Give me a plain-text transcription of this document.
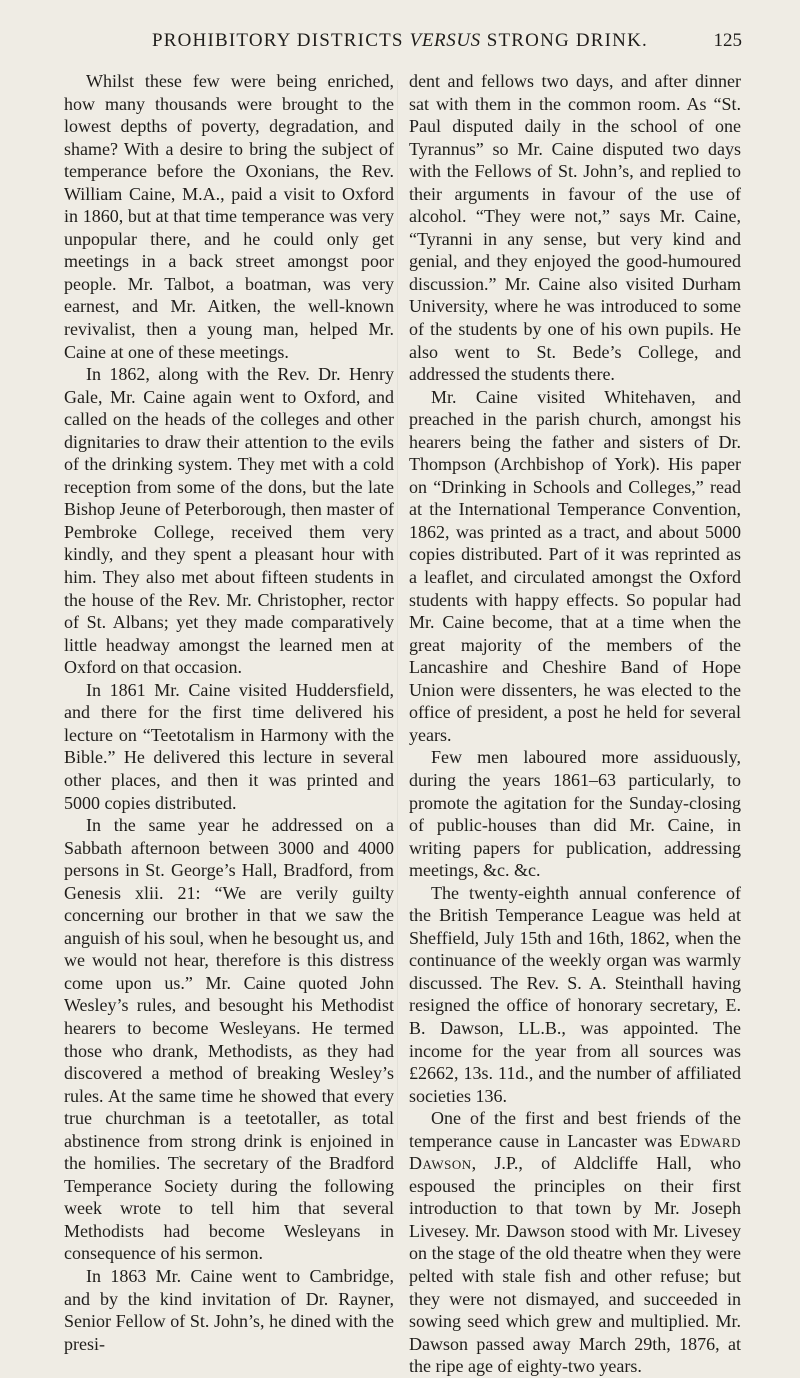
PROHIBITORY DISTRICTS VERSUS STRONG DRINK.	125

Whilst these few were being enriched, how many thousands were brought to the lowest depths of poverty, degradation, and shame? With a desire to bring the subject of temperance before the Oxonians, the Rev. William Caine, M.A., paid a visit to Oxford in 1860, but at that time temperance was very unpopular there, and he could only get meetings in a back street amongst poor people. Mr. Talbot, a boatman, was very earnest, and Mr. Aitken, the well-known revivalist, then a young man, helped Mr. Caine at one of these meetings.

In 1862, along with the Rev. Dr. Henry Gale, Mr. Caine again went to Oxford, and called on the heads of the colleges and other dignitaries to draw their attention to the evils of the drinking system. They met with a cold reception from some of the dons, but the late Bishop Jeune of Peterborough, then master of Pembroke College, received them very kindly, and they spent a pleasant hour with him. They also met about fifteen students in the house of the Rev. Mr. Christopher, rector of St. Albans; yet they made comparatively little headway amongst the learned men at Oxford on that occasion.

In 1861 Mr. Caine visited Huddersfield, and there for the first time delivered his lecture on “Teetotalism in Harmony with the Bible.” He delivered this lecture in several other places, and then it was printed and 5000 copies distributed.

In the same year he addressed on a Sabbath afternoon between 3000 and 4000 persons in St. George’s Hall, Bradford, from Genesis xlii. 21: “We are verily guilty concerning our brother in that we saw the anguish of his soul, when he besought us, and we would not hear, therefore is this distress come upon us.” Mr. Caine quoted John Wesley’s rules, and besought his Methodist hearers to become Wesleyans. He termed those who drank, Methodists, as they had discovered a method of breaking Wesley’s rules. At the same time he showed that every true churchman is a teetotaller, as total abstinence from strong drink is enjoined in the homilies. The secretary of the Bradford Temperance Society during the following week wrote to tell him that several Methodists had become Wesleyans in consequence of his sermon.

In 1863 Mr. Caine went to Cambridge, and by the kind invitation of Dr. Rayner, Senior Fellow of St. John’s, he dined with the presi-

dent and fellows two days, and after dinner sat with them in the common room. As “St. Paul disputed daily in the school of one Tyrannus” so Mr. Caine disputed two days with the Fellows of St. John’s, and replied to their arguments in favour of the use of alcohol. “They were not,” says Mr. Caine, “Tyranni in any sense, but very kind and genial, and they enjoyed the good-humoured discussion.” Mr. Caine also visited Durham University, where he was introduced to some of the students by one of his own pupils. He also went to St. Bede’s College, and addressed the students there.

Mr. Caine visited Whitehaven, and preached in the parish church, amongst his hearers being the father and sisters of Dr. Thompson (Archbishop of York). His paper on “Drinking in Schools and Colleges,” read at the International Temperance Convention, 1862, was printed as a tract, and about 5000 copies distributed. Part of it was reprinted as a leaflet, and circulated amongst the Oxford students with happy effects. So popular had Mr. Caine become, that at a time when the great majority of the members of the Lancashire and Cheshire Band of Hope Union were dissenters, he was elected to the office of president, a post he held for several years.

Few men laboured more assiduously, during the years 1861–63 particularly, to promote the agitation for the Sunday-closing of public-houses than did Mr. Caine, in writing papers for publication, addressing meetings, &c. &c.

The twenty-eighth annual conference of the British Temperance League was held at Sheffield, July 15th and 16th, 1862, when the continuance of the weekly organ was warmly discussed. The Rev. S. A. Steinthall having resigned the office of honorary secretary, E. B. Dawson, LL.B., was appointed. The income for the year from all sources was £2662, 13s. 11d., and the number of affiliated societies 136.

One of the first and best friends of the temperance cause in Lancaster was Edward Dawson, J.P., of Aldcliffe Hall, who espoused the principles on their first introduction to that town by Mr. Joseph Livesey. Mr. Dawson stood with Mr. Livesey on the stage of the old theatre when they were pelted with stale fish and other refuse; but they were not dismayed, and succeeded in sowing seed which grew and multiplied. Mr. Dawson passed away March 29th, 1876, at the ripe age of eighty-two years.
